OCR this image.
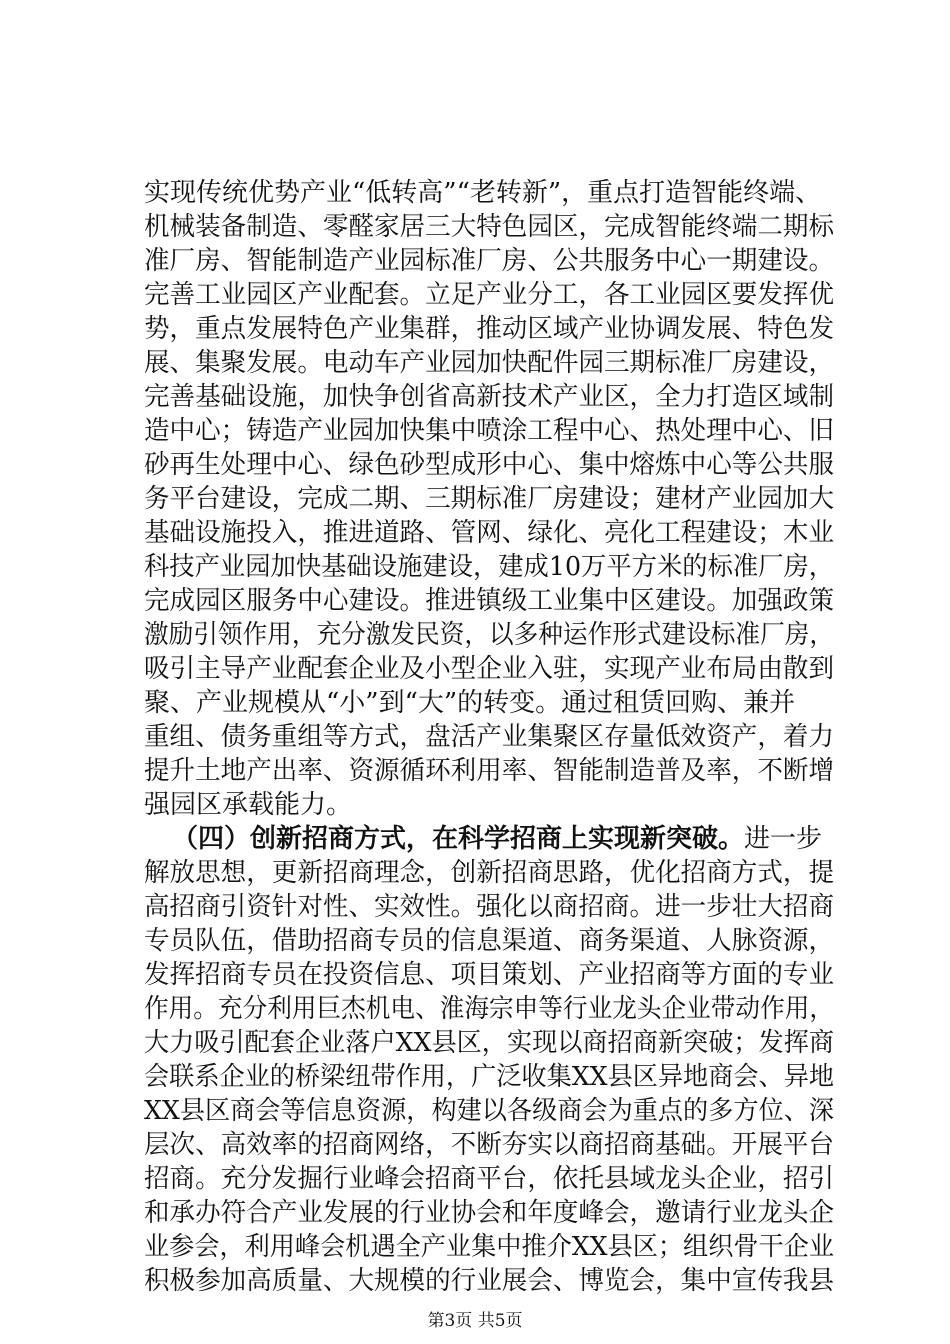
实现传统优势产业“低转高”“老转新”，重点打造智能终端、
机械装备制造、零醛家居三大特色园区，完成智能终端二期标
准厂房、智能制造产业园标准厂房、公共服务中心一期建设。
完善工业园区产业配套。立足产业分工，各工业园区要发挥优
势，重点发展特色产业集群，推动区域产业协调发展、特色发
展、集聚发展。电动车产业园加快配件园三期标准厂房建设，
完善基础设施，加快争创省高新技术产业区，全力打造区域制
造中心；铸造产业园加快集中喷涂工程中心、热处理中心、旧
砂再生处理中心、绿色砂型成形中心、集中熔炼中心等公共服
务平台建设，完成二期、三期标准厂房建设；建材产业园加大
基础设施投入，推进道路、管网、绿化、亮化工程建设；木业
科技产业园加快基础设施建设，建成10万平方米的标准厂房，
完成园区服务中心建设。推进镇级工业集中区建设。加强政策
激励引领作用，充分激发民资，以多种运作形式建设标准厂房，
吸引主导产业配套企业及小型企业入驻，实现产业布局由散到
聚、产业规模从“小”到“大”的转变。通过租赁回购、兼并
重组、债务重组等方式，盘活产业集聚区存量低效资产，着力
提升土地产出率、资源循环利用率、智能制造普及率，不断增
强园区承载能力。
（四）创新招商方式，在科学招商上实现新突破。进一步
解放思想，更新招商理念，创新招商思路，优化招商方式，提
高招商引资针对性、实效性。强化以商招商。进一步壮大招商
专员队伍，借助招商专员的信息渠道、商务渠道、人脉资源，
发挥招商专员在投资信息、项目策划、产业招商等方面的专业
作用。充分利用巨杰机电、淮海宗申等行业龙头企业带动作用，
大力吸引配套企业落户XX县区，实现以商招商新突破；发挥商
会联系企业的桥梁纽带作用，广泛收集XX县区异地商会、异地
XX县区商会等信息资源，构建以各级商会为重点的多方位、深
层次、高效率的招商网络，不断夯实以商招商基础。开展平台
招商。充分发掘行业峰会招商平台，依托县域龙头企业，招引
和承办符合产业发展的行业协会和年度峰会，邀请行业龙头企
业参会，利用峰会机遇全产业集中推介XX县区；组织骨干企业
积极参加高质量、大规模的行业展会、博览会，集中宣传我县
第3页 共5页
